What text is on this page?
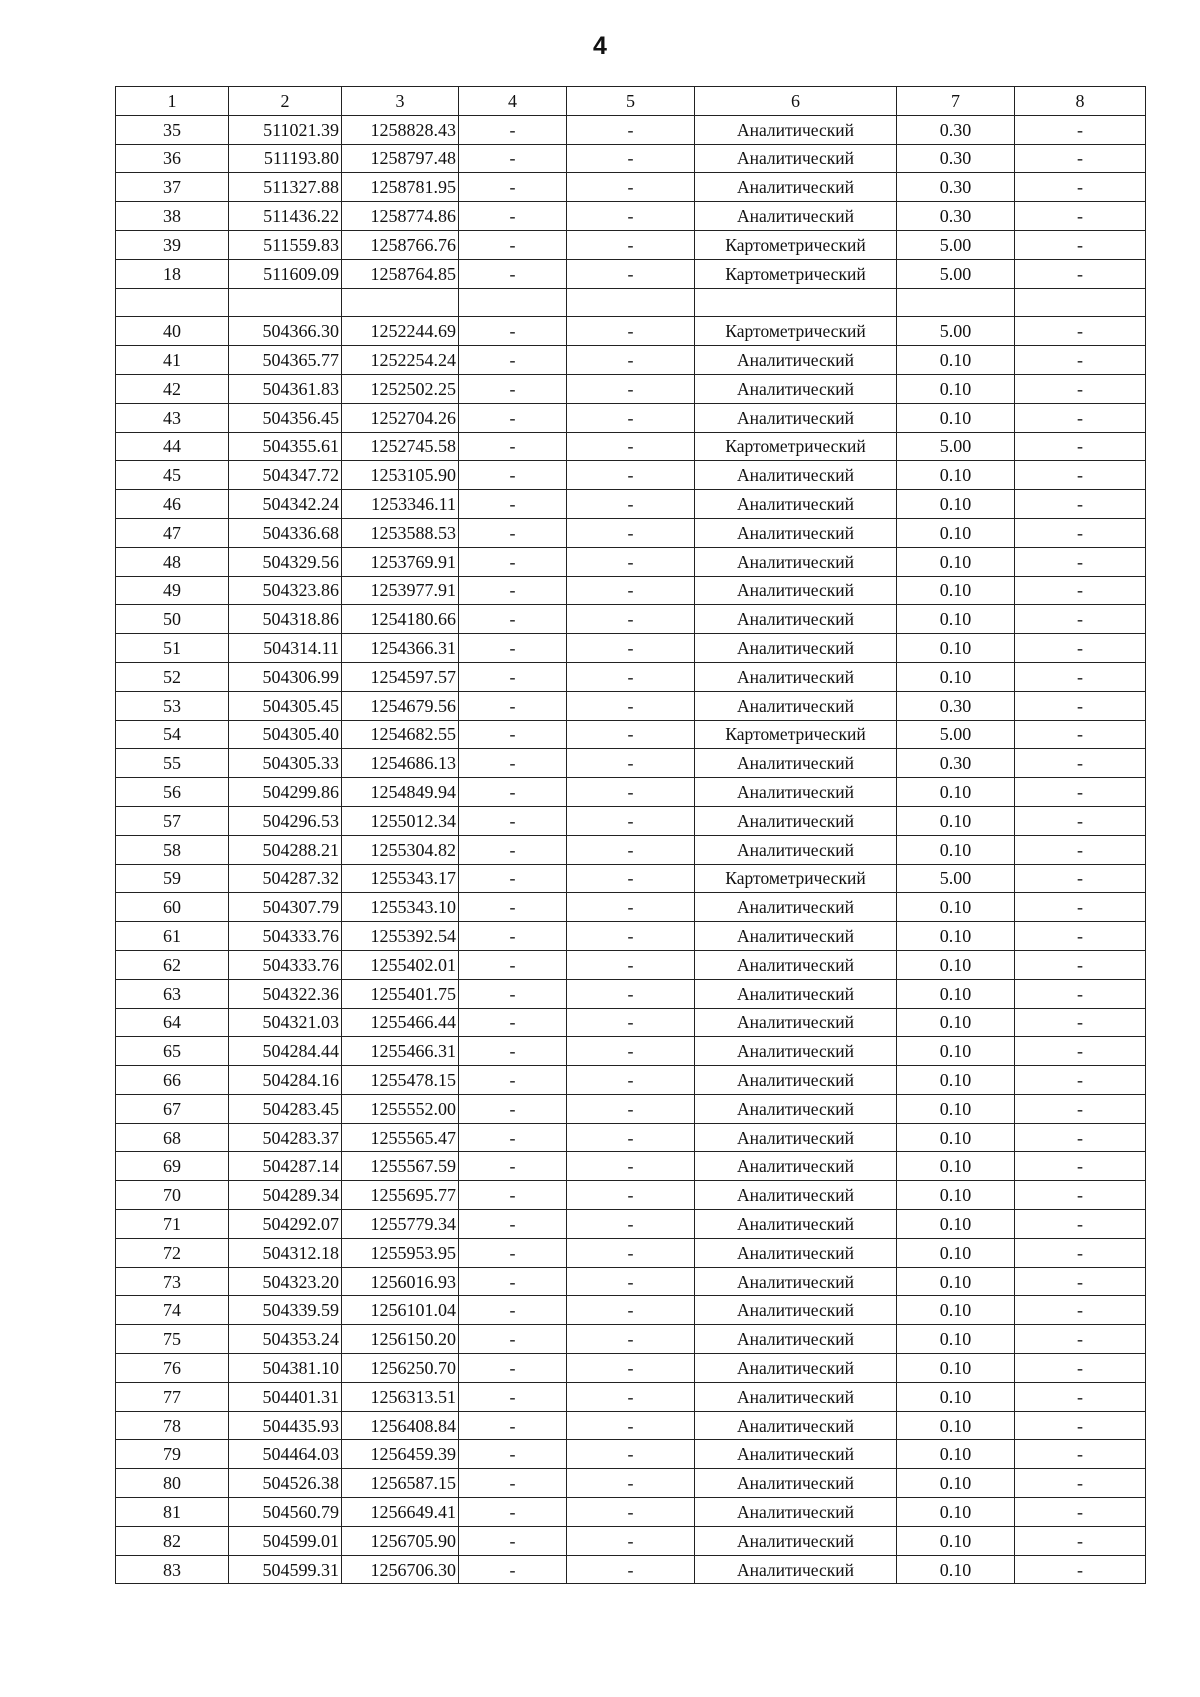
4
1	2	3	4	5	6	7	8
35	511021.39	1258828.43	-	-	Аналитический	0.30	-
36	511193.80	1258797.48	-	-	Аналитический	0.30	-
37	511327.88	1258781.95	-	-	Аналитический	0.30	-
38	511436.22	1258774.86	-	-	Аналитический	0.30	-
39	511559.83	1258766.76	-	-	Картометрический	5.00	-
18	511609.09	1258764.85	-	-	Картометрический	5.00	-

40	504366.30	1252244.69	-	-	Картометрический	5.00	-
41	504365.77	1252254.24	-	-	Аналитический	0.10	-
42	504361.83	1252502.25	-	-	Аналитический	0.10	-
43	504356.45	1252704.26	-	-	Аналитический	0.10	-
44	504355.61	1252745.58	-	-	Картометрический	5.00	-
45	504347.72	1253105.90	-	-	Аналитический	0.10	-
46	504342.24	1253346.11	-	-	Аналитический	0.10	-
47	504336.68	1253588.53	-	-	Аналитический	0.10	-
48	504329.56	1253769.91	-	-	Аналитический	0.10	-
49	504323.86	1253977.91	-	-	Аналитический	0.10	-
50	504318.86	1254180.66	-	-	Аналитический	0.10	-
51	504314.11	1254366.31	-	-	Аналитический	0.10	-
52	504306.99	1254597.57	-	-	Аналитический	0.10	-
53	504305.45	1254679.56	-	-	Аналитический	0.30	-
54	504305.40	1254682.55	-	-	Картометрический	5.00	-
55	504305.33	1254686.13	-	-	Аналитический	0.30	-
56	504299.86	1254849.94	-	-	Аналитический	0.10	-
57	504296.53	1255012.34	-	-	Аналитический	0.10	-
58	504288.21	1255304.82	-	-	Аналитический	0.10	-
59	504287.32	1255343.17	-	-	Картометрический	5.00	-
60	504307.79	1255343.10	-	-	Аналитический	0.10	-
61	504333.76	1255392.54	-	-	Аналитический	0.10	-
62	504333.76	1255402.01	-	-	Аналитический	0.10	-
63	504322.36	1255401.75	-	-	Аналитический	0.10	-
64	504321.03	1255466.44	-	-	Аналитический	0.10	-
65	504284.44	1255466.31	-	-	Аналитический	0.10	-
66	504284.16	1255478.15	-	-	Аналитический	0.10	-
67	504283.45	1255552.00	-	-	Аналитический	0.10	-
68	504283.37	1255565.47	-	-	Аналитический	0.10	-
69	504287.14	1255567.59	-	-	Аналитический	0.10	-
70	504289.34	1255695.77	-	-	Аналитический	0.10	-
71	504292.07	1255779.34	-	-	Аналитический	0.10	-
72	504312.18	1255953.95	-	-	Аналитический	0.10	-
73	504323.20	1256016.93	-	-	Аналитический	0.10	-
74	504339.59	1256101.04	-	-	Аналитический	0.10	-
75	504353.24	1256150.20	-	-	Аналитический	0.10	-
76	504381.10	1256250.70	-	-	Аналитический	0.10	-
77	504401.31	1256313.51	-	-	Аналитический	0.10	-
78	504435.93	1256408.84	-	-	Аналитический	0.10	-
79	504464.03	1256459.39	-	-	Аналитический	0.10	-
80	504526.38	1256587.15	-	-	Аналитический	0.10	-
81	504560.79	1256649.41	-	-	Аналитический	0.10	-
82	504599.01	1256705.90	-	-	Аналитический	0.10	-
83	504599.31	1256706.30	-	-	Аналитический	0.10	-
